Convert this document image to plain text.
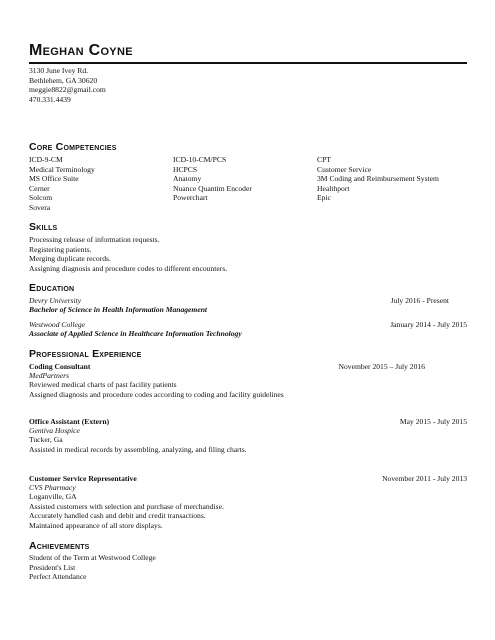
Meghan Coyne
3130 June Ivey Rd.
Bethlehem, GA 30620
meggie8822@gmail.com
470.331.4439
Core Competencies
ICD-9-CM
Medical Terminology
MS Office Suite
Cerner
Solcom
Sovera
ICD-10-CM/PCS
HCPCS
Anatomy
Nuance Quantim Encoder
Powerchart
CPT
Customer Service
3M Coding and Reimbursement System
Healthport
Epic
Skills
Processing release of information requests.
Registering patients.
Merging duplicate records.
Assigning diagnosis and procedure codes to different encounters.
Education
Devry University	July 2016 - Present
Bachelor of Science in Health Information Management
Westwood College	January 2014 - July 2015
Associate of Applied Science in Healthcare Information Technology
Professional Experience
Coding Consultant	November 2015 – July 2016
MedPartners
Reviewed medical charts of past facility patients
Assigned diagnosis and procedure codes according to coding and facility guidelines
Office Assistant (Extern)	May 2015 - July 2015
Gentiva Hospice
Tucker, Ga
Assisted in medical records by assembling, analyzing, and filing charts.
Customer Service Representative	November 2011 - July 2013
CVS Pharmacy
Loganville, GA
Assisted customers with selection and purchase of merchandise.
Accurately handled cash and debit and credit transactions.
Maintained appearance of all store displays.
Achievements
Student of the Term at Westwood College
President's List
Perfect Attendance
